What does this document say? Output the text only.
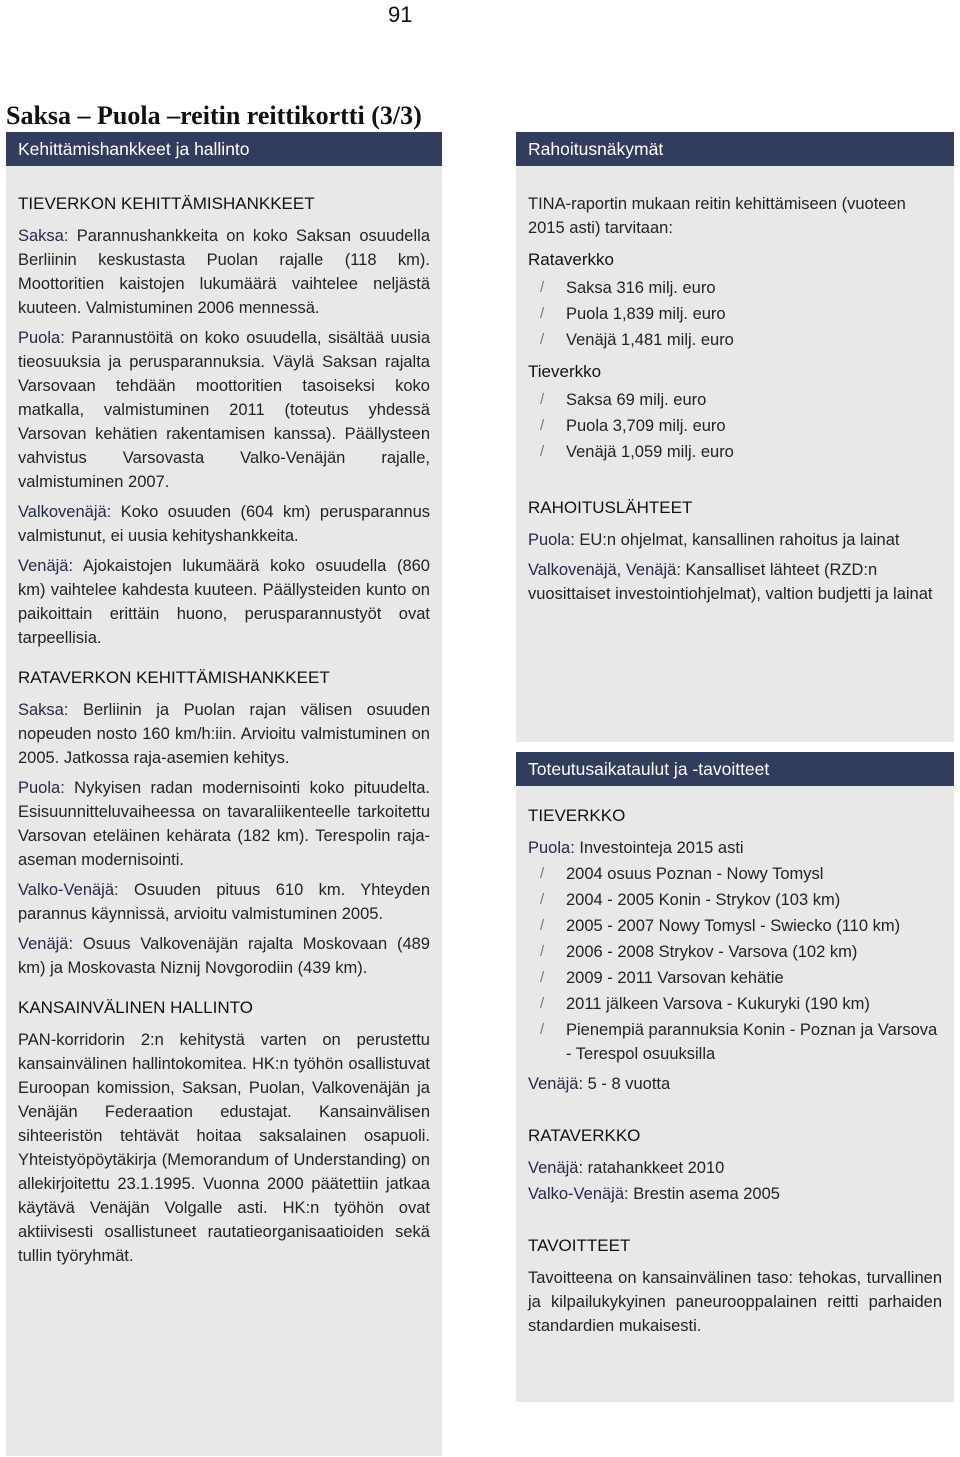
91
Saksa – Puola –reitin reittikortti (3/3)
Kehittämishankkeet ja hallinto
TIEVERKON KEHITTÄMISHANKKEET

Saksa: Parannushankkeita on koko Saksan osuudella Berliinin keskustasta Puolan rajalle (118 km). Moottoritien kaistojen lukumäärä vaihtelee neljästä kuuteen. Valmistuminen 2006 mennessä.

Puola: Parannustöitä on koko osuudella, sisältää uusia tieosuuksia ja perusparannuksia. Väylä Saksan rajalta Varsovaan tehdään moottoritien tasoiseksi koko matkalla, valmistuminen 2011 (toteutus yhdessä Varsovan kehätien rakentamisen kanssa). Päällysteen vahvistus Varsovasta Valko-Venäjän rajalle, valmistuminen 2007.

Valkovenäjä: Koko osuuden (604 km) perusparannus valmistunut, ei uusia kehityshankkeita.

Venäjä: Ajokaistojen lukumäärä koko osuudella (860 km) vaihtelee kahdesta kuuteen. Päällysteiden kunto on paikoittain erittäin huono, perusparannustyöt ovat tarpeellisia.

RATAVERKON KEHITTÄMISHANKKEET

Saksa: Berliinin ja Puolan rajan välisen osuuden nopeuden nosto 160 km/h:iin. Arvioitu valmistuminen on 2005. Jatkossa raja-asemien kehitys.

Puola: Nykyisen radan modernisointi koko pituudelta. Esisuunnitteluvaiheessa on tavaraliikenteelle tarkoitettu Varsovan eteläinen kehärata (182 km). Terespolin raja-aseman modernisointi.

Valko-Venäjä: Osuuden pituus 610 km. Yhteyden parannus käynnissä, arvioitu valmistuminen 2005.

Venäjä: Osuus Valkovenäjän rajalta Moskovaan (489 km) ja Moskovasta Niznij Novgorodiin (439 km).

KANSAINVÄLINEN HALLINTO

PAN-korridorin 2:n kehitystä varten on perustettu kansainvälinen hallintokomitea. HK:n työhön osallistuvat Euroopan komission, Saksan, Puolan, Valkovenäjän ja Venäjän Federaation edustajat. Kansainvälisen sihteeristön tehtävät hoitaa saksalainen osapuoli. Yhteistyöpöytäkirja (Memorandum of Understanding) on allekirjoitettu 23.1.1995. Vuonna 2000 päätettiin jatkaa käytävä Venäjän Volgalle asti. HK:n työhön ovat aktiivisesti osallistuneet rautatieorganisaatioiden sekä tullin työryhmät.

Rahoitusnäkymät

TINA-raportin mukaan reitin kehittämiseen (vuoteen 2015 asti) tarvitaan:

Rataverkko
/ Saksa 316 milj. euro
/ Puola 1,839 milj. euro
/ Venäjä 1,481 milj. euro
Tieverkko
/ Saksa 69 milj. euro
/ Puola 3,709 milj. euro
/ Venäjä 1,059 milj. euro
RAHOITUSLÄHTEET

Puola: EU:n ohjelmat, kansallinen rahoitus ja lainat

Valkovenäjä, Venäjä: Kansalliset lähteet (RZD:n vuosittaiset investointiohjelmat), valtion budjetti ja lainat

Toteutusaikataulut ja -tavoitteet
TIEVERKKO

Puola: Investointeja 2015 asti

/ 2004 osuus Poznan - Nowy Tomysl
/ 2004 - 2005 Konin - Strykov (103 km)
/ 2005 - 2007 Nowy Tomysl - Swiecko (110 km)
/ 2006 - 2008 Strykov - Varsova (102 km)
/ 2009 - 2011 Varsovan kehätie
/ 2011 jälkeen Varsova - Kukuryki (190 km)
/ Pienempiä parannuksia Konin - Poznan ja Varsova - Terespol osuuksilla

Venäjä: 5 - 8 vuotta

RATAVERKKO

Venäjä: ratahankkeet 2010

Valko-Venäjä: Brestin asema 2005

TAVOITTEET

Tavoitteena on kansainvälinen taso: tehokas, turvallinen ja kilpailukykyinen paneurooppalainen reitti parhaiden standardien mukaisesti.
